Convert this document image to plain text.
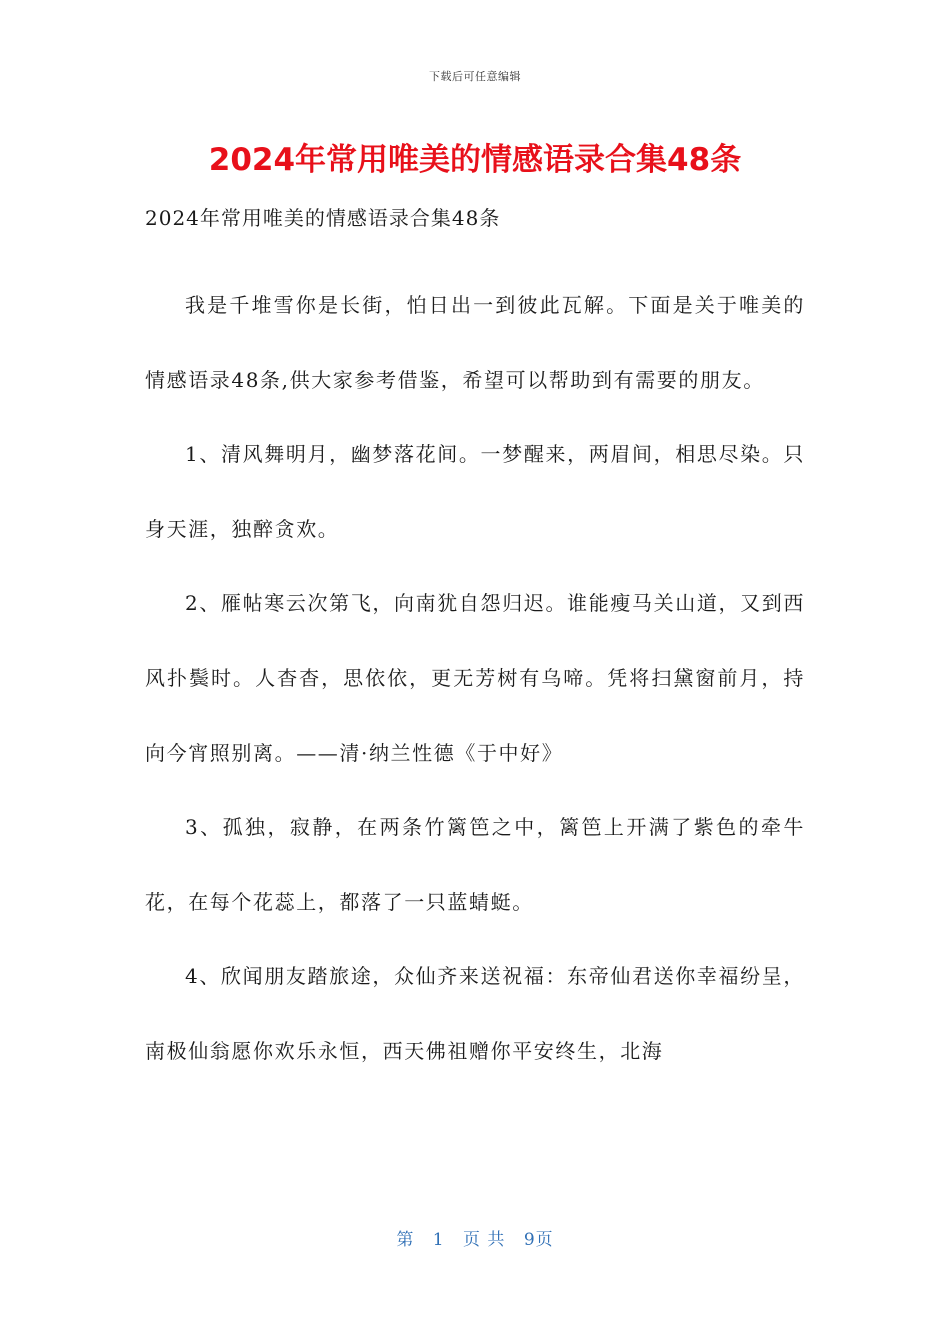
下载后可任意编辑
2024年常用唯美的情感语录合集48条
2024年常用唯美的情感语录合集48条

我是千堆雪你是长街，怕日出一到彼此瓦解。下面是关于唯美的情感语录48条,供大家参考借鉴，希望可以帮助到有需要的朋友。

1、清风舞明月，幽梦落花间。一梦醒来，两眉间，相思尽染。只身天涯，独醉贪欢。

2、雁帖寒云次第飞，向南犹自怨归迟。谁能瘦马关山道，又到西风扑鬓时。人杳杳，思依依，更无芳树有乌啼。凭将扫黛窗前月，持向今宵照别离。——清·纳兰性德《于中好》

3、孤独，寂静，在两条竹篱笆之中，篱笆上开满了紫色的牵牛花，在每个花蕊上，都落了一只蓝蜻蜓。

4、欣闻朋友踏旅途，众仙齐来送祝福：东帝仙君送你幸福纷呈，南极仙翁愿你欢乐永恒，西天佛祖赠你平安终生，北海

第 1 页 共 9页
